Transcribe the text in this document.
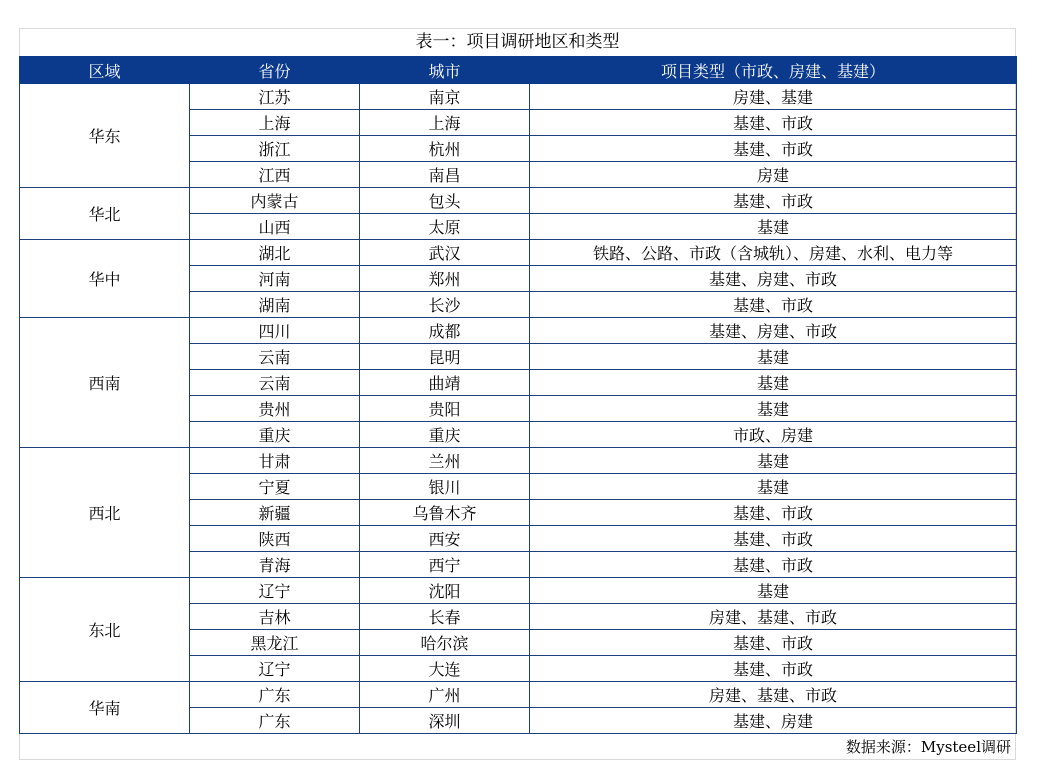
表一：项目调研地区和类型
区域	省份	城市	项目类型（市政、房建、基建）
华东	江苏	南京	房建、基建
	上海	上海	基建、市政
	浙江	杭州	基建、市政
	江西	南昌	房建
华北	内蒙古	包头	基建、市政
	山西	太原	基建
华中	湖北	武汉	铁路、公路、市政（含城轨）、房建、水利、电力等
	河南	郑州	基建、房建、市政
	湖南	长沙	基建、市政
西南	四川	成都	基建、房建、市政
	云南	昆明	基建
	云南	曲靖	基建
	贵州	贵阳	基建
	重庆	重庆	市政、房建
西北	甘肃	兰州	基建
	宁夏	银川	基建
	新疆	乌鲁木齐	基建、市政
	陕西	西安	基建、市政
	青海	西宁	基建、市政
东北	辽宁	沈阳	基建
	吉林	长春	房建、基建、市政
	黑龙江	哈尔滨	基建、市政
	辽宁	大连	基建、市政
华南	广东	广州	房建、基建、市政
	广东	深圳	基建、房建
数据来源：Mysteel调研
